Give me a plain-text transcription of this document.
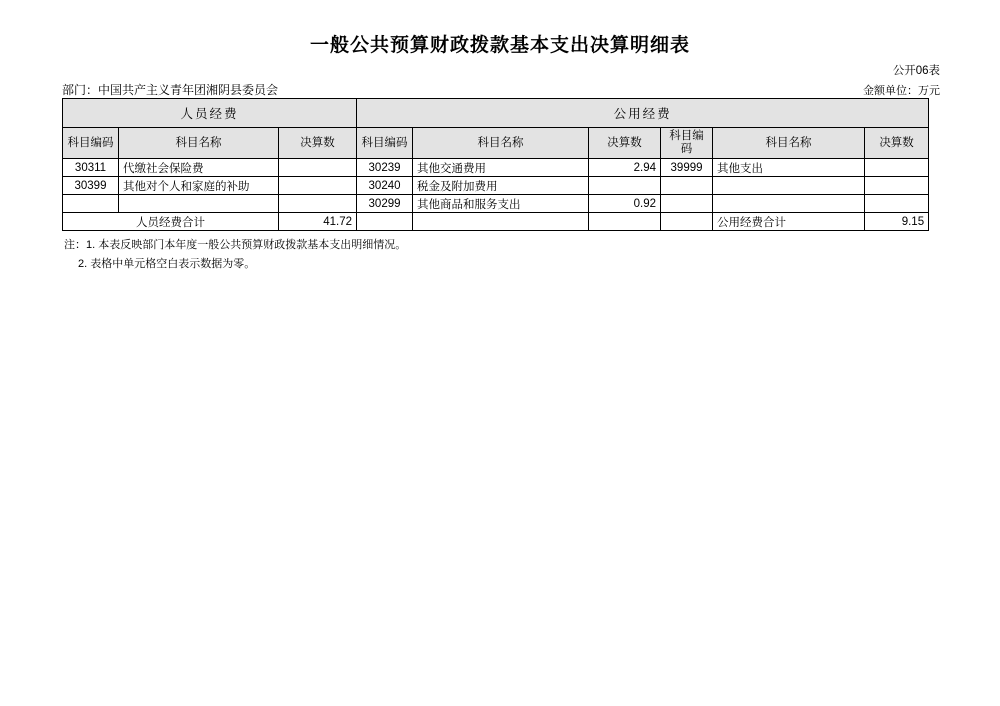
一般公共预算财政拨款基本支出决算明细表
公开06表
部门：中国共产主义青年团湘阴县委员会	金额单位：万元
人员经费			公用经费					
科目编码	科目名称	决算数	科目编码	科目名称	决算数	科目编码	科目名称	决算数
30311	代缴社会保险费		30239	其他交通费用	2.94	39999	其他支出	
30399	其他对个人和家庭的补助		30240	税金及附加费用				
			30299	其他商品和服务支出	0.92			
人员经费合计		41.72					公用经费合计	9.15
注：1. 本表反映部门本年度一般公共预算财政拨款基本支出明细情况。
2. 表格中单元格空白表示数据为零。
